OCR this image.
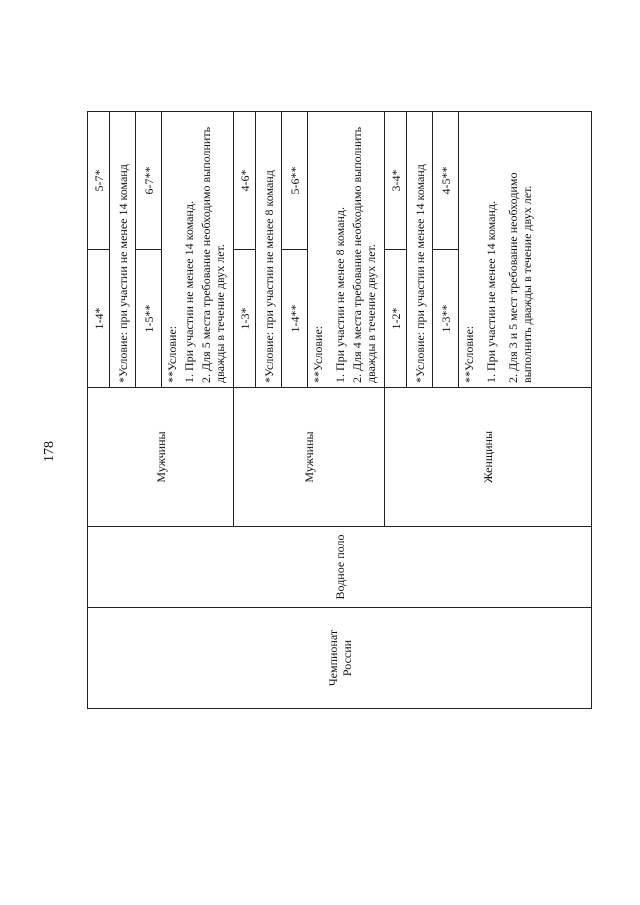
178
Чемпионат России	Водное поло	Мужчины	1-4*	5-7*
			*Условие: при участии не менее 14 команд	
			1-5**	6-7**

			**Условие: 1. При участии не менее 14 команд. 2. Для 5 места требование необходимо выполнить дважды в течение двух лет.	

		Мужчины	1-3*	4-6*
			*Условие: при участии не менее 8 команд	
			1-4**	5-6**

			**Условие: 1. При участии не менее 8 команд. 2. Для 4 места требование необходимо выполнить дважды в течение двух лет.	

		Женщины	1-2*	3-4*
			*Условие: при участии не менее 14 команд	
			1-3**	4-5**

			**Условие: 1. При участии не менее 14 команд. 2. Для 3 и 5 мест требование необходимо выполнить дважды в течение двух лет.	
